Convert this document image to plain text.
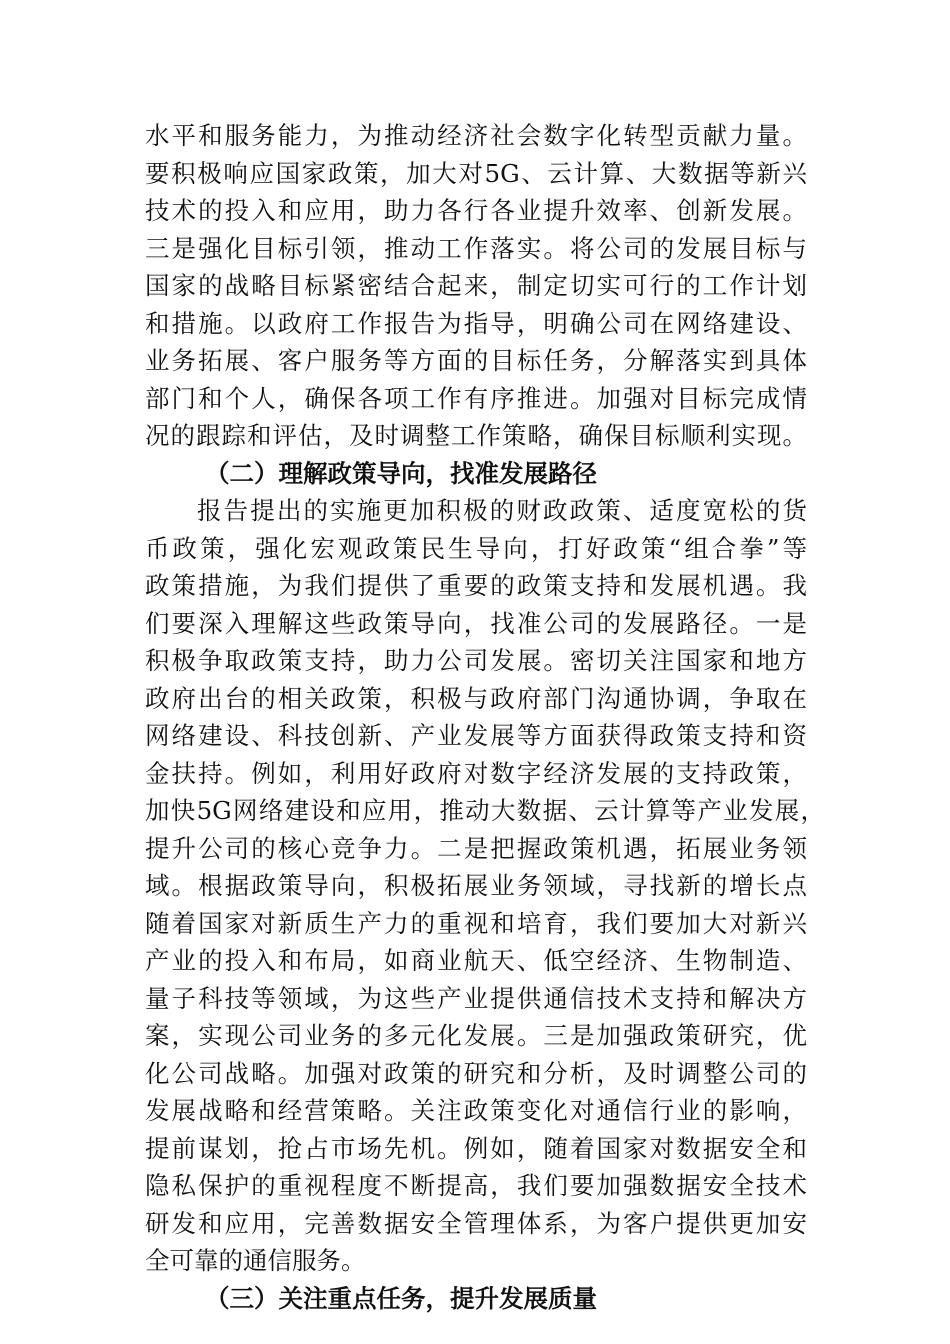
水平和服务能力，为推动经济社会数字化转型贡献力量。
要积极响应国家政策，加大对5G、云计算、大数据等新兴
技术的投入和应用，助力各行各业提升效率、创新发展。
三是强化目标引领，推动工作落实。将公司的发展目标与
国家的战略目标紧密结合起来，制定切实可行的工作计划
和措施。以政府工作报告为指导，明确公司在网络建设、
业务拓展、客户服务等方面的目标任务，分解落实到具体
部门和个人，确保各项工作有序推进。加强对目标完成情
况的跟踪和评估，及时调整工作策略，确保目标顺利实现。
（二）理解政策导向，找准发展路径
报告提出的实施更加积极的财政政策、适度宽松的货
币政策，强化宏观政策民生导向，打好政策“组合拳”等
政策措施，为我们提供了重要的政策支持和发展机遇。我
们要深入理解这些政策导向，找准公司的发展路径。一是
积极争取政策支持，助力公司发展。密切关注国家和地方
政府出台的相关政策，积极与政府部门沟通协调，争取在
网络建设、科技创新、产业发展等方面获得政策支持和资
金扶持。例如，利用好政府对数字经济发展的支持政策，
加快5G网络建设和应用，推动大数据、云计算等产业发展，
提升公司的核心竞争力。二是把握政策机遇，拓展业务领
域。根据政策导向，积极拓展业务领域，寻找新的增长点
随着国家对新质生产力的重视和培育，我们要加大对新兴
产业的投入和布局，如商业航天、低空经济、生物制造、
量子科技等领域，为这些产业提供通信技术支持和解决方
案，实现公司业务的多元化发展。三是加强政策研究，优
化公司战略。加强对政策的研究和分析，及时调整公司的
发展战略和经营策略。关注政策变化对通信行业的影响，
提前谋划，抢占市场先机。例如，随着国家对数据安全和
隐私保护的重视程度不断提高，我们要加强数据安全技术
研发和应用，完善数据安全管理体系，为客户提供更加安
全可靠的通信服务。
（三）关注重点任务，提升发展质量
